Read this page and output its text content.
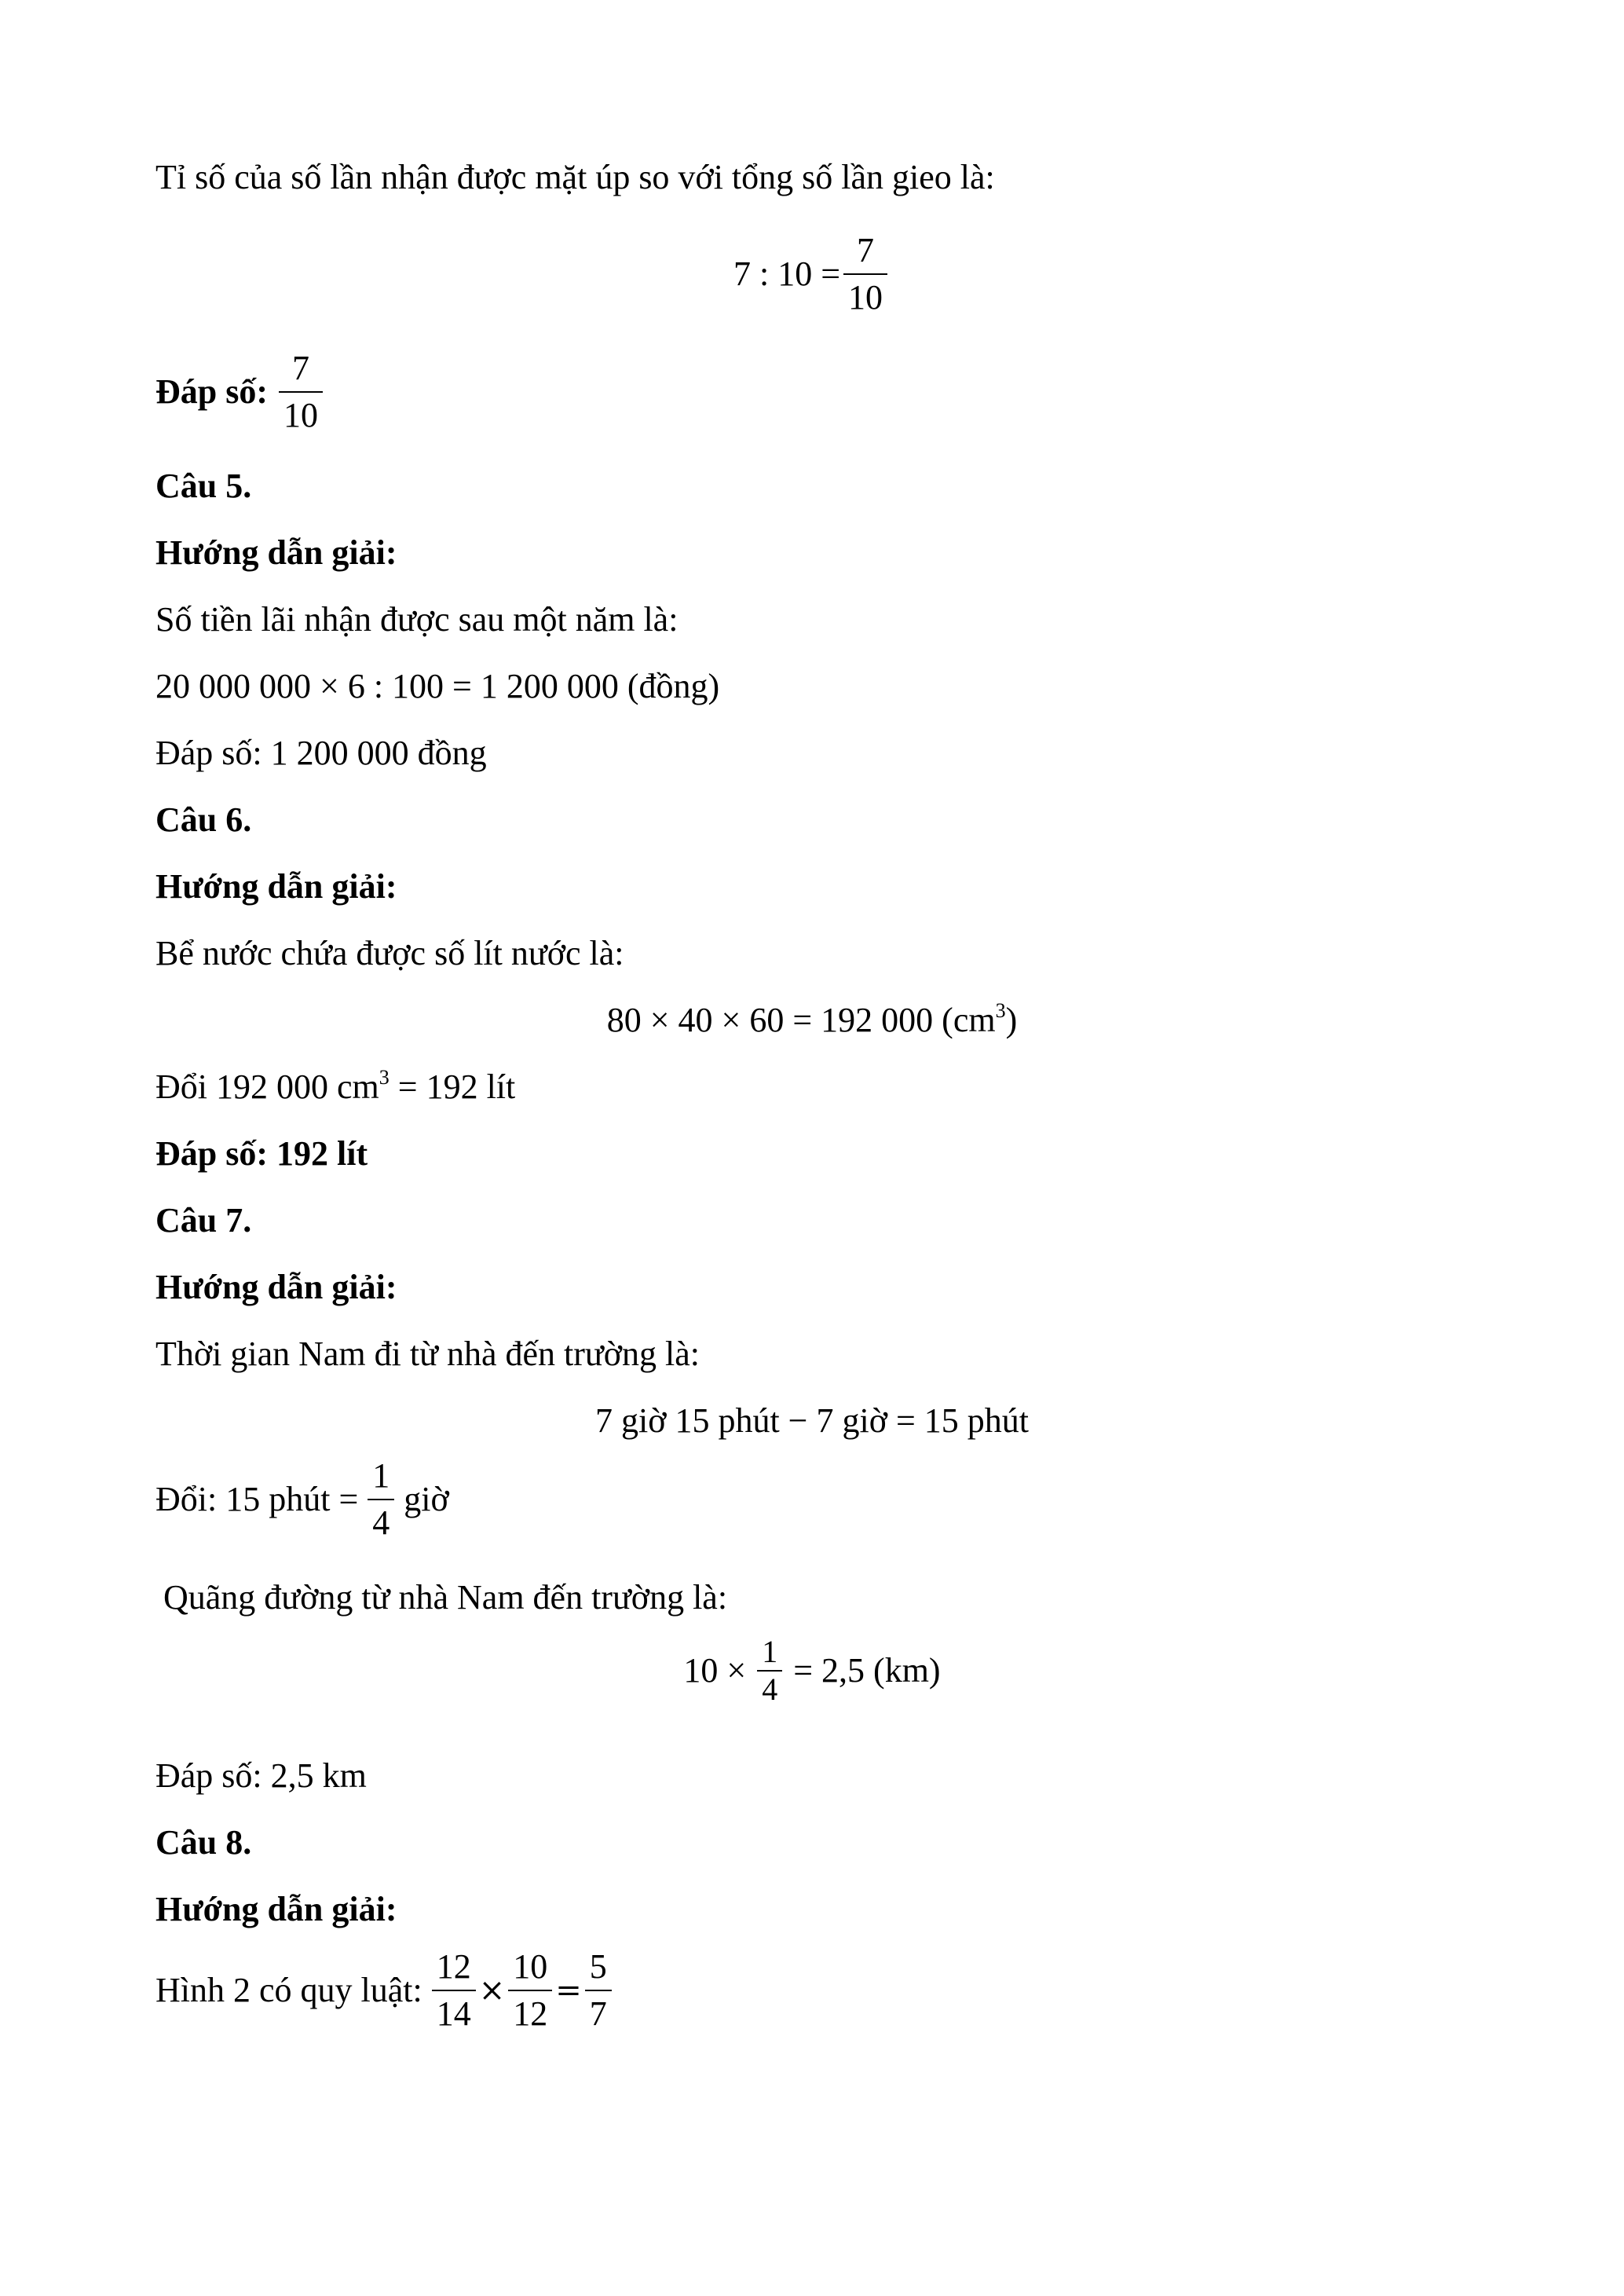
Tỉ số của số lần nhận được mặt úp so với tổng số lần gieo là:
7 : $10 = \frac{7}{10}$
Đáp số: $\frac{7}{10}$
Câu 5.
Hướng dẫn giải:
Số tiền lãi nhận được sau một năm là:
20 000 000 × 6 : 100 = 1 200 000 (đồng)
Đáp số: 1 200 000 đồng
Câu 6.
Hướng dẫn giải:
Bể nước chứa được số lít nước là:
80 × 40 × 60 = 192 000 $(cm^3)$
Đổi 192 000 $cm^3 = 192$ lít
Đáp số: 192 lít
Câu 7.
Hướng dẫn giải:
Thời gian Nam đi từ nhà đến trường là:
7 giờ 15 phút − 7 giờ = 15 phút
Đổi: 15 phút = $\frac{1}{4}$ giờ
Quãng đường từ nhà Nam đến trường là:
$10 \times \frac{1}{4} = 2,5$ (km)
Đáp số: 2,5 km
Câu 8.
Hướng dẫn giải:
Hình 2 có quy luật: $\frac{12}{14} \times \frac{10}{12} = \frac{5}{7}$
